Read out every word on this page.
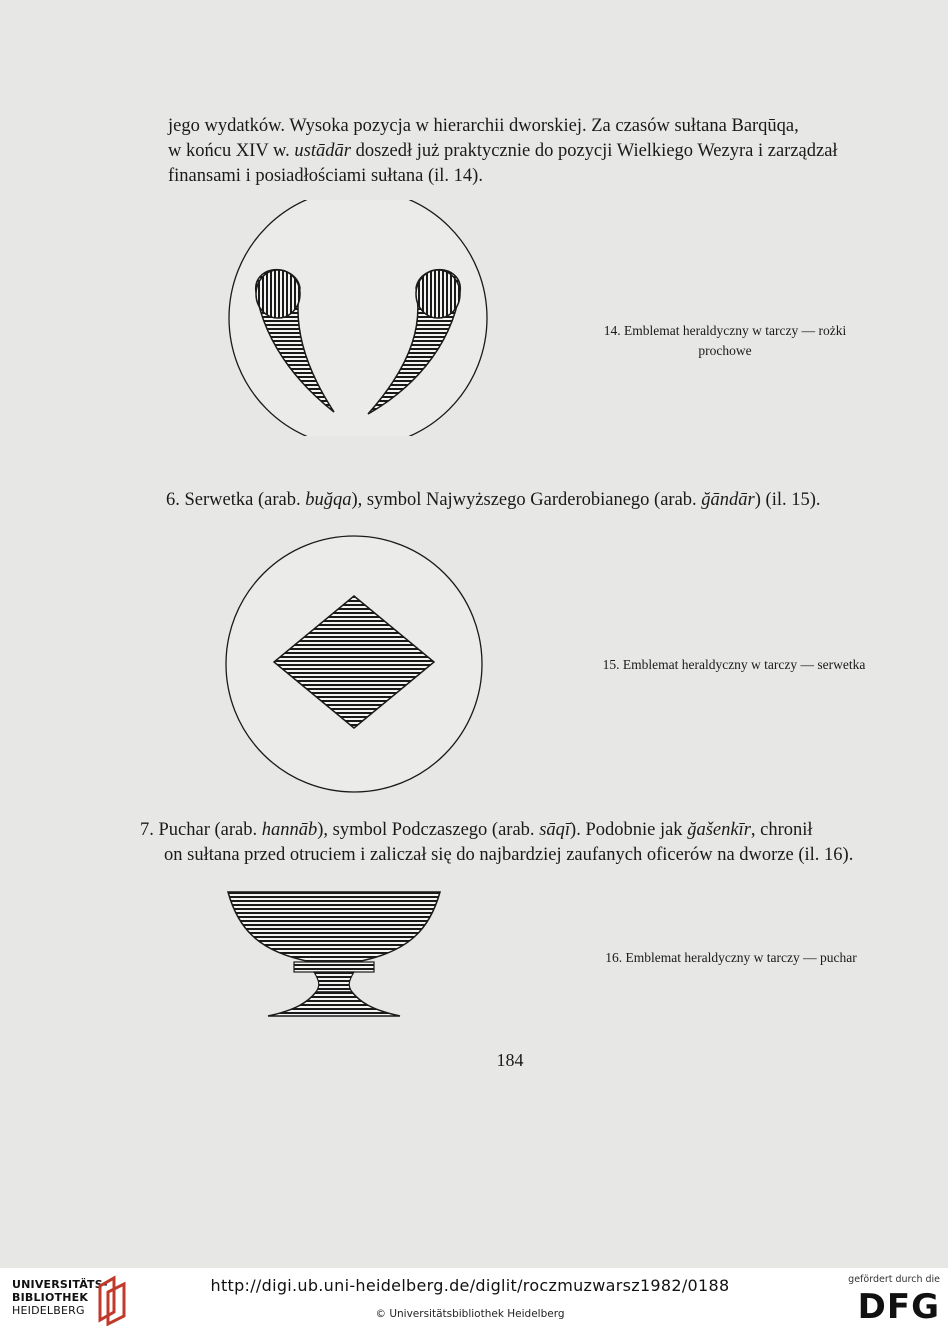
jego wydatków. Wysoka pozycja w hierarchii dworskiej. Za czasów sułtana Barqūqa,
w końcu XIV w. ustādār doszedł już praktycznie do pozycji Wielkiego Wezyra i zarządzał
finansami i posiadłościami sułtana (il. 14).

14. Emblemat heraldyczny w tarczy — rożki
prochowe

6. Serwetka (arab. buğqa), symbol Najwyższego Garderobianego (arab. ğāndār) (il. 15).

15. Emblemat heraldyczny w tarczy — serwetka

7. Puchar (arab. hannāb), symbol Podczaszego (arab. sāqī). Podobnie jak ğašenkīr, chronił
on sułtana przed otruciem i zaliczał się do najbardziej zaufanych oficerów na dworze (il. 16).

16. Emblemat heraldyczny w tarczy — puchar
184
UNIVERSITÄTS-
BIBLIOTHEK
HEIDELBERG
http://digi.ub.uni-heidelberg.de/diglit/roczmuzwarsz1982/0188
© Universitätsbibliothek Heidelberg
gefördert durch die
DFG
